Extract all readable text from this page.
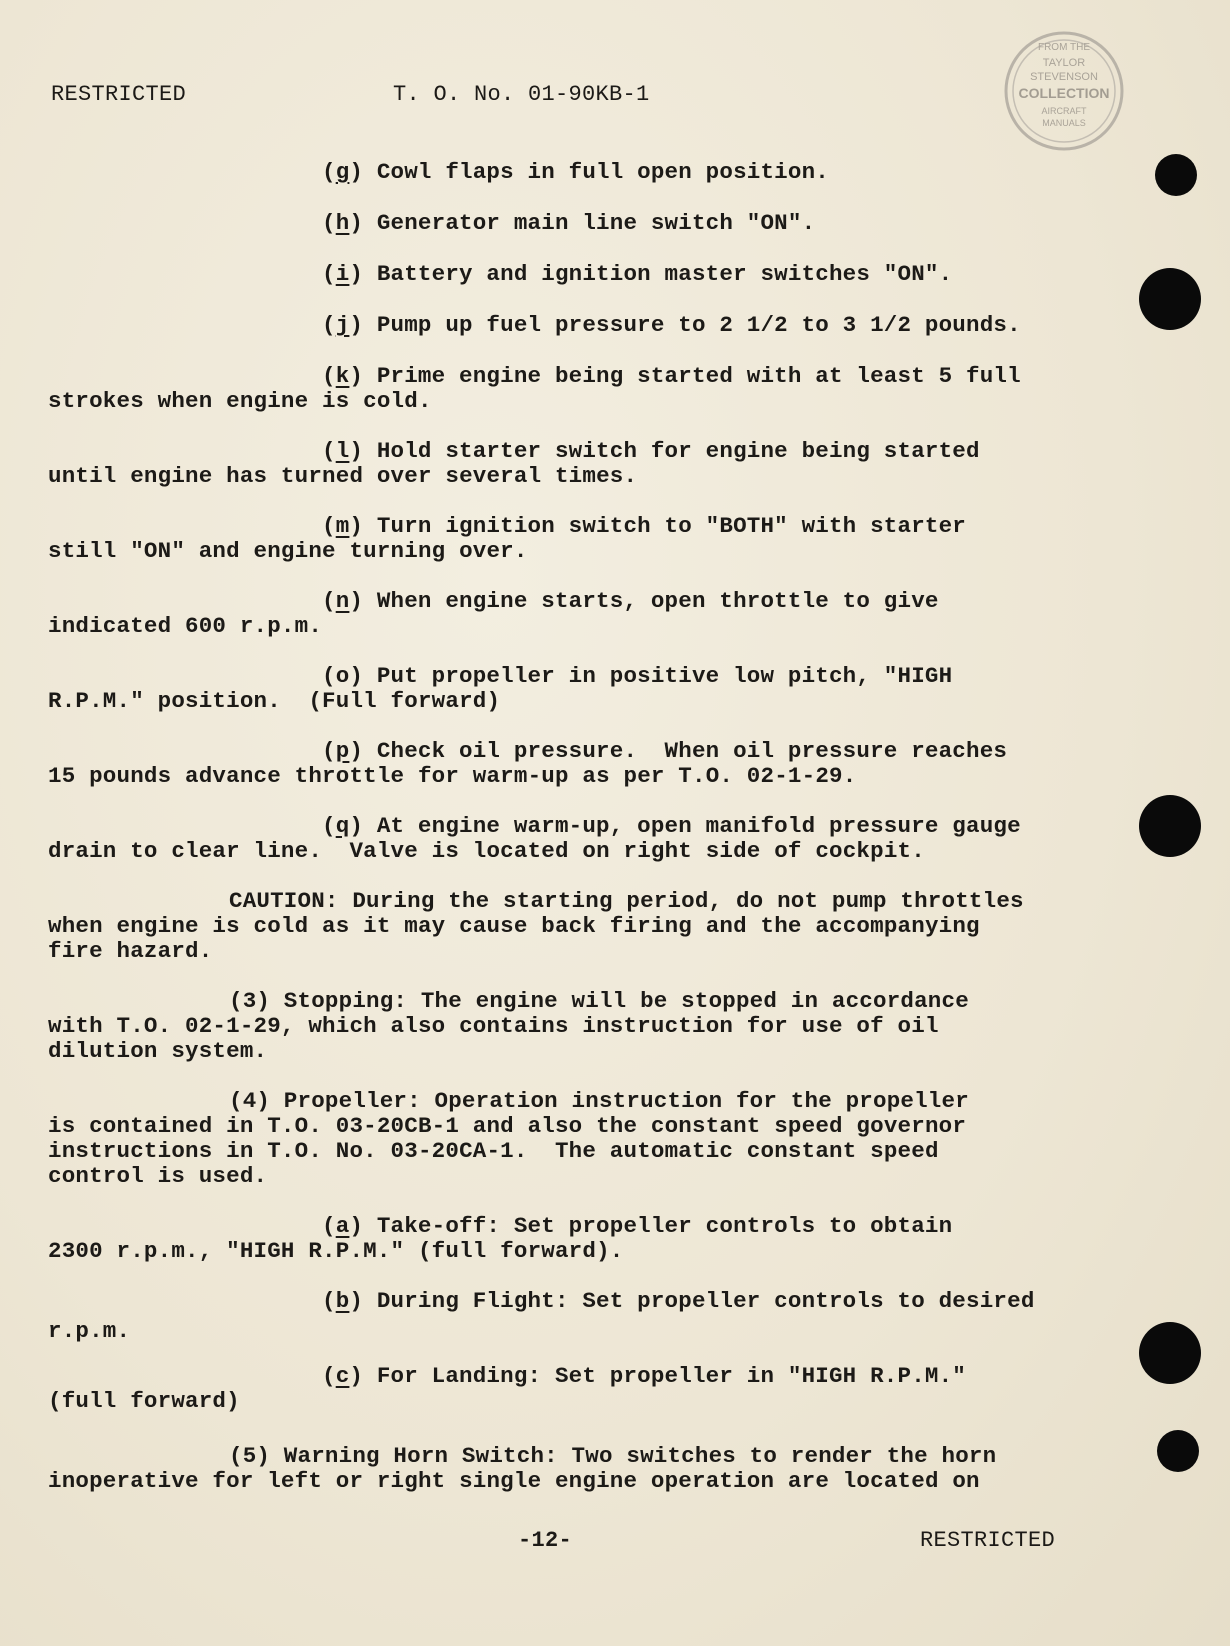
RESTRICTED	T. O. No. 01-90KB-1
FROM THE
TAYLOR
STEVENSON
COLLECTION
AIRCRAFT
MANUALS
(g) Cowl flaps in full open position.
(h) Generator main line switch "ON".
(i) Battery and ignition master switches "ON".
(j) Pump up fuel pressure to 2 1/2 to 3 1/2 pounds.
(k) Prime engine being started with at least 5 full
strokes when engine is cold.
(l) Hold starter switch for engine being started
until engine has turned over several times.
(m) Turn ignition switch to "BOTH" with starter
still "ON" and engine turning over.
(n) When engine starts, open throttle to give
indicated 600 r.p.m.
(o) Put propeller in positive low pitch, "HIGH
R.P.M." position.  (Full forward)
(p) Check oil pressure.  When oil pressure reaches
15 pounds advance throttle for warm-up as per T.O. 02-1-29.
(q) At engine warm-up, open manifold pressure gauge
drain to clear line.  Valve is located on right side of cockpit.
CAUTION: During the starting period, do not pump throttles
when engine is cold as it may cause back firing and the accompanying
fire hazard.
(3) Stopping: The engine will be stopped in accordance
with T.O. 02-1-29, which also contains instruction for use of oil
dilution system.
(4) Propeller: Operation instruction for the propeller
is contained in T.O. 03-20CB-1 and also the constant speed governor
instructions in T.O. No. 03-20CA-1.  The automatic constant speed
control is used.
(a) Take-off: Set propeller controls to obtain
2300 r.p.m., "HIGH R.P.M." (full forward).
(b) During Flight: Set propeller controls to desired
r.p.m.
(c) For Landing: Set propeller in "HIGH R.P.M."
(full forward)
(5) Warning Horn Switch: Two switches to render the horn
inoperative for left or right single engine operation are located on
-12-	RESTRICTED
